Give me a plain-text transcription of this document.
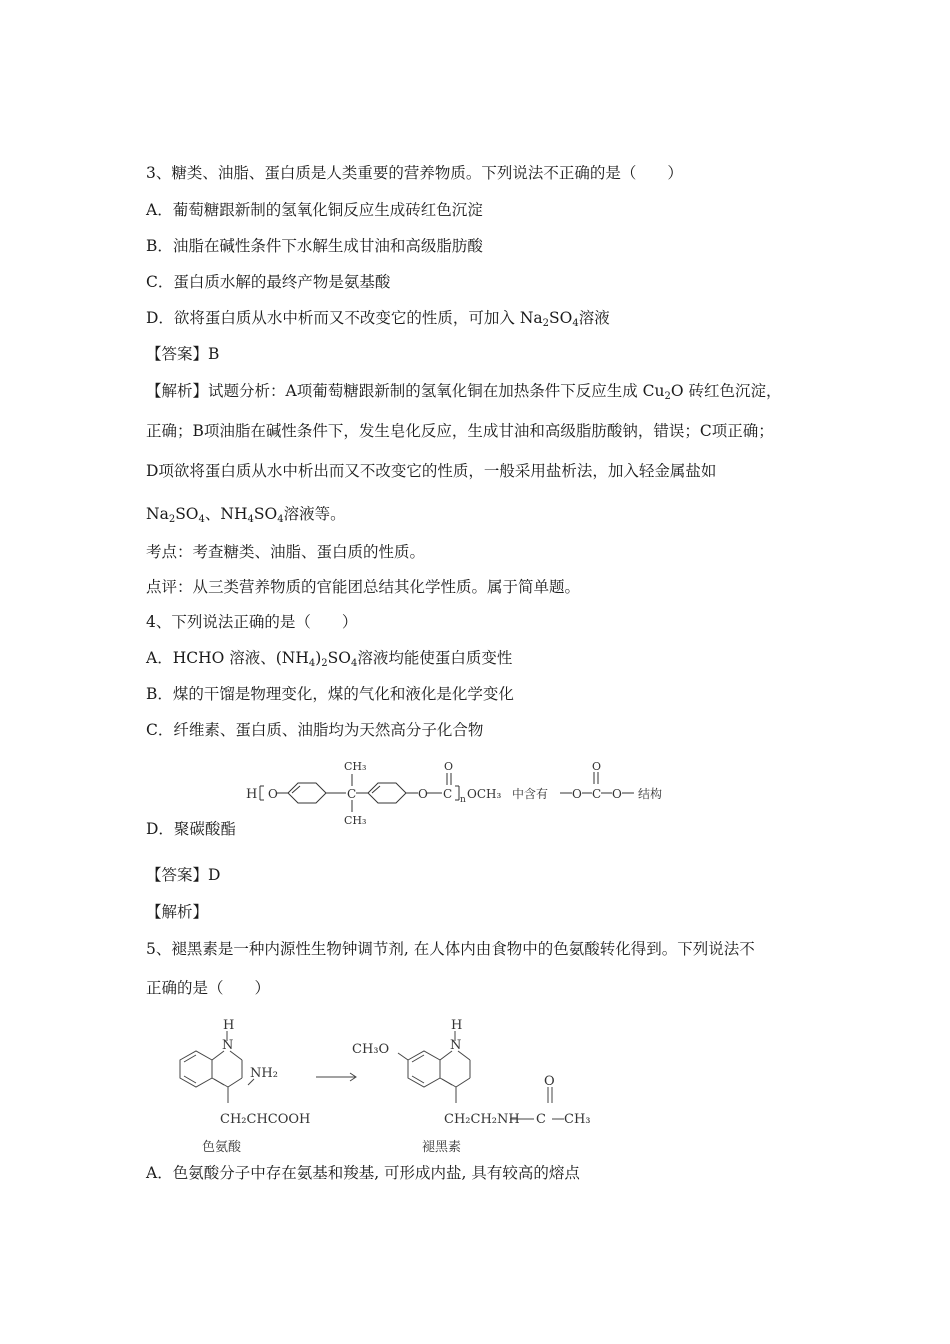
3、糖类、油脂、蛋白质是人类重要的营养物质。下列说法不正确的是（　　）
A．葡萄糖跟新制的氢氧化铜反应生成砖红色沉淀
B．油脂在碱性条件下水解生成甘油和高级脂肪酸
C．蛋白质水解的最终产物是氨基酸
D．欲将蛋白质从水中析而又不改变它的性质，可加入 $Na_2SO_4$溶液
【答案】B
【解析】试题分析：A项葡萄糖跟新制的氢氧化铜在加热条件下反应生成 $Cu_2O$ 砖红色沉淀，
正确；B项油脂在碱性条件下，发生皂化反应，生成甘油和高级脂肪酸钠，错误；C项正确；
D项欲将蛋白质从水中析出而又不改变它的性质，一般采用盐析法，加入轻金属盐如
$Na_2SO_4$、$NH_4SO_4$溶液等。
考点：考查糖类、油脂、蛋白质的性质。
点评：从三类营养物质的官能团总结其化学性质。属于简单题。
4、下列说法正确的是（　　）
A．HCHO 溶液、$(NH_4)_2SO_4$溶液均能使蛋白质变性
B．煤的干馏是物理变化，煤的气化和液化是化学变化
C．纤维素、蛋白质、油脂均为天然高分子化合物
H O	C
CH₃
CH₃
O
O
C n OCH₃ 中含有 O
O
C O 结构
D．聚碳酸酯
【答案】D
【解析】
5、褪黑素是一种内源性生物钟调节剂, 在人体内由食物中的色氨酸转化得到。下列说法不
正确的是（　　）
H
N
NH₂
CH₂CHCOOH
色氨酸
CH₃O
H
N
CH₂CH₂NH
O
C CH₃
褪黑素
A．色氨酸分子中存在氨基和羧基, 可形成内盐, 具有较高的熔点
